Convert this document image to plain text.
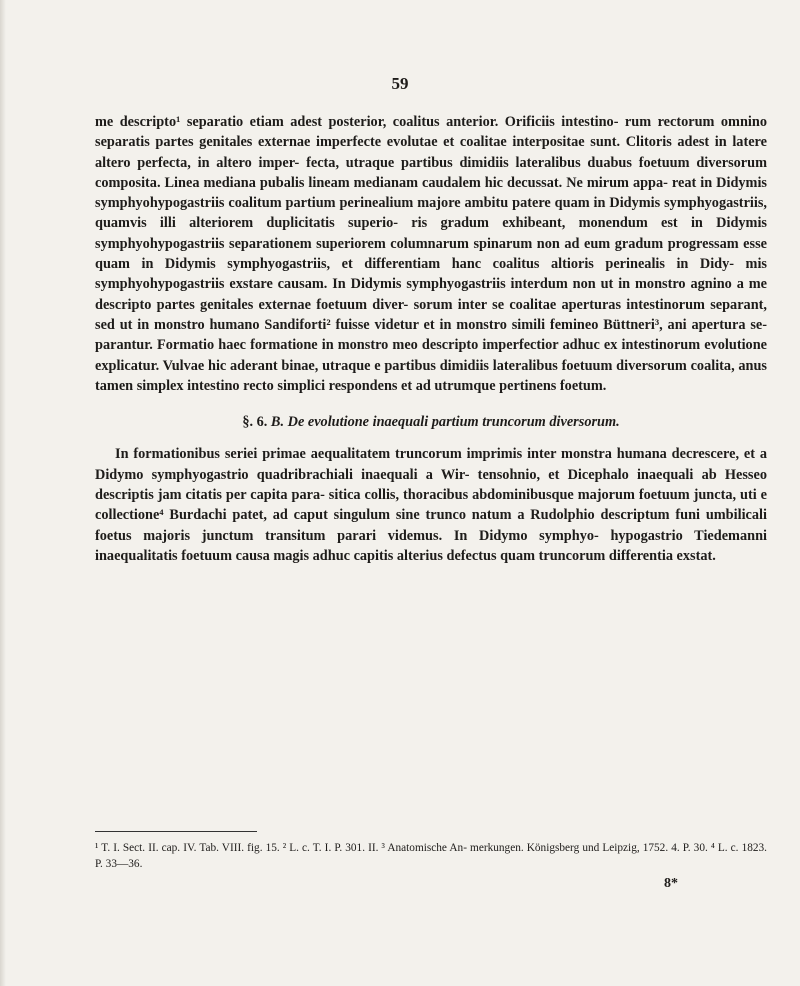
59

me descripto¹ separatio etiam adest posterior, coalitus anterior. Orificiis intestino- rum rectorum omnino separatis partes genitales externae imperfecte evolutae et coalitae interpositae sunt. Clitoris adest in latere altero perfecta, in altero imper- fecta, utraque partibus dimidiis lateralibus duabus foetuum diversorum composita. Linea mediana pubalis lineam medianam caudalem hic decussat. Ne mirum appa- reat in Didymis symphyohypogastriis coalitum partium perinealium majore ambitu patere quam in Didymis symphyogastriis, quamvis illi alteriorem duplicitatis superio- ris gradum exhibeant, monendum est in Didymis symphyohypogastriis separationem superiorem columnarum spinarum non ad eum gradum progressam esse quam in Didymis symphyogastriis, et differentiam hanc coalitus altioris perinealis in Didy- mis symphyohypogastriis exstare causam. In Didymis symphyogastriis interdum non ut in monstro agnino a me descripto partes genitales externae foetuum diver- sorum inter se coalitae aperturas intestinorum separant, sed ut in monstro humano Sandiforti² fuisse videtur et in monstro simili femineo Büttneri³, ani apertura se- parantur. Formatio haec formatione in monstro meo descripto imperfectior adhuc ex intestinorum evolutione explicatur. Vulvae hic aderant binae, utraque e partibus dimidiis lateralibus foetuum diversorum coalita, anus tamen simplex intestino recto simplici respondens et ad utrumque pertinens foetum.

§. 6. B. De evolutione inaequali partium truncorum diversorum.

In formationibus seriei primae aequalitatem truncorum imprimis inter monstra humana decrescere, et a Didymo symphyogastrio quadribrachiali inaequali a Wir- tensohnio, et Dicephalo inaequali ab Hesseo descriptis jam citatis per capita para- sitica collis, thoracibus abdominibusque majorum foetuum juncta, uti e collectione⁴ Burdachi patet, ad caput singulum sine trunco natum a Rudolphio descriptum funi umbilicali foetus majoris junctum transitum parari videmus. In Didymo symphyo- hypogastrio Tiedemanni inaequalitatis foetuum causa magis adhuc capitis alterius defectus quam truncorum differentia exstat.

¹ T. I. Sect. II. cap. IV. Tab. VIII. fig. 15. ² L. c. T. I. P. 301. II. ³ Anatomische An- merkungen. Königsberg und Leipzig, 1752. 4. P. 30. ⁴ L. c. 1823. P. 33—36.
8*
